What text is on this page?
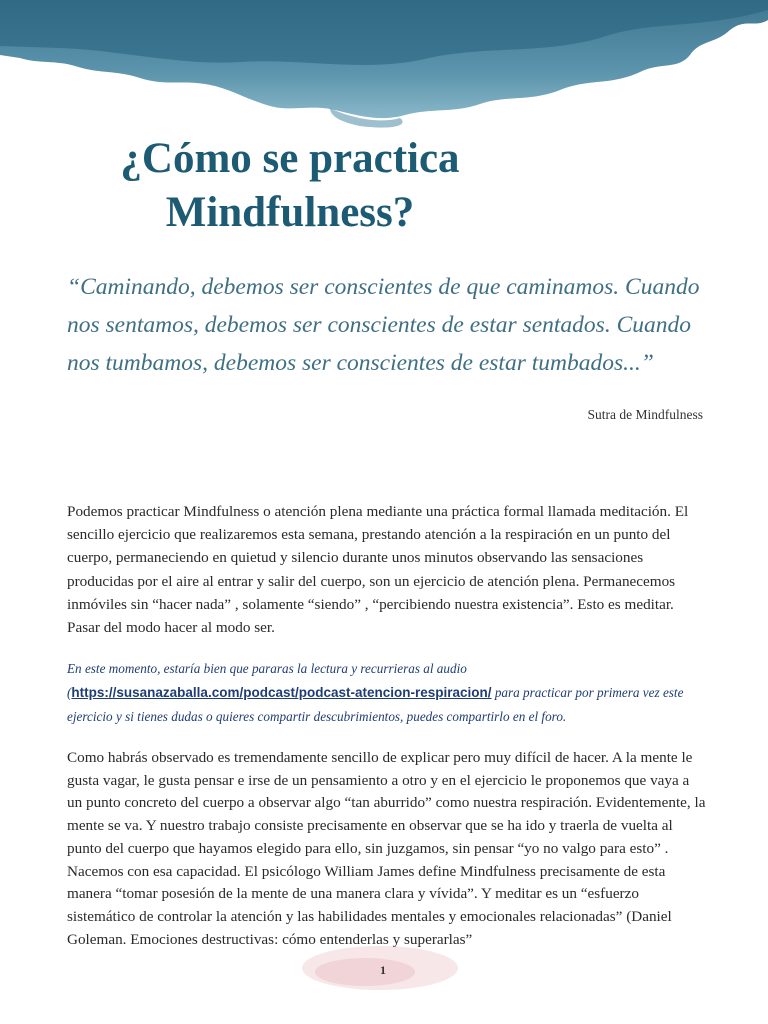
¿Cómo se practica
Mindfulness?

“Caminando, debemos ser conscientes de que caminamos. Cuando nos sentamos, debemos ser conscientes de estar sentados. Cuando nos tumbamos, debemos ser conscientes de estar tumbados...”

Sutra de Mindfulness

Podemos practicar Mindfulness o atención plena mediante una práctica formal llamada meditación. El sencillo ejercicio que realizaremos esta semana, prestando atención a la respiración en un punto del cuerpo, permaneciendo en quietud y silencio durante unos minutos observando las sensaciones producidas por el aire al entrar y salir del cuerpo, son un ejercicio de atención plena. Permanecemos inmóviles sin “hacer nada” , solamente “siendo” , “percibiendo nuestra existencia”. Esto es meditar. Pasar del modo hacer al modo ser.

En este momento, estaría bien que pararas la lectura y recurrieras al audio
(https://susanazaballa.com/podcast/podcast-atencion-respiracion/ para practicar por primera vez este ejercicio y si tienes dudas o quieres compartir descubrimientos, puedes compartirlo en el foro.

Como habrás observado es tremendamente sencillo de explicar pero muy difícil de hacer. A la mente le gusta vagar, le gusta pensar e irse de un pensamiento a otro y en el ejercicio le proponemos que vaya a un punto concreto del cuerpo a observar algo “tan aburrido” como nuestra respiración. Evidentemente, la mente se va. Y nuestro trabajo consiste precisamente en observar que se ha ido y traerla de vuelta al punto del cuerpo que hayamos elegido para ello, sin juzgamos, sin pensar “yo no valgo para esto” . Nacemos con esa capacidad. El psicólogo William James define Mindfulness precisamente de esta manera “tomar posesión de la mente de una manera clara y vívida”. Y meditar es un “esfuerzo sistemático de controlar la atención y las habilidades mentales y emocionales relacionadas” (Daniel Goleman. Emociones destructivas: cómo entenderlas y superarlas”

1
